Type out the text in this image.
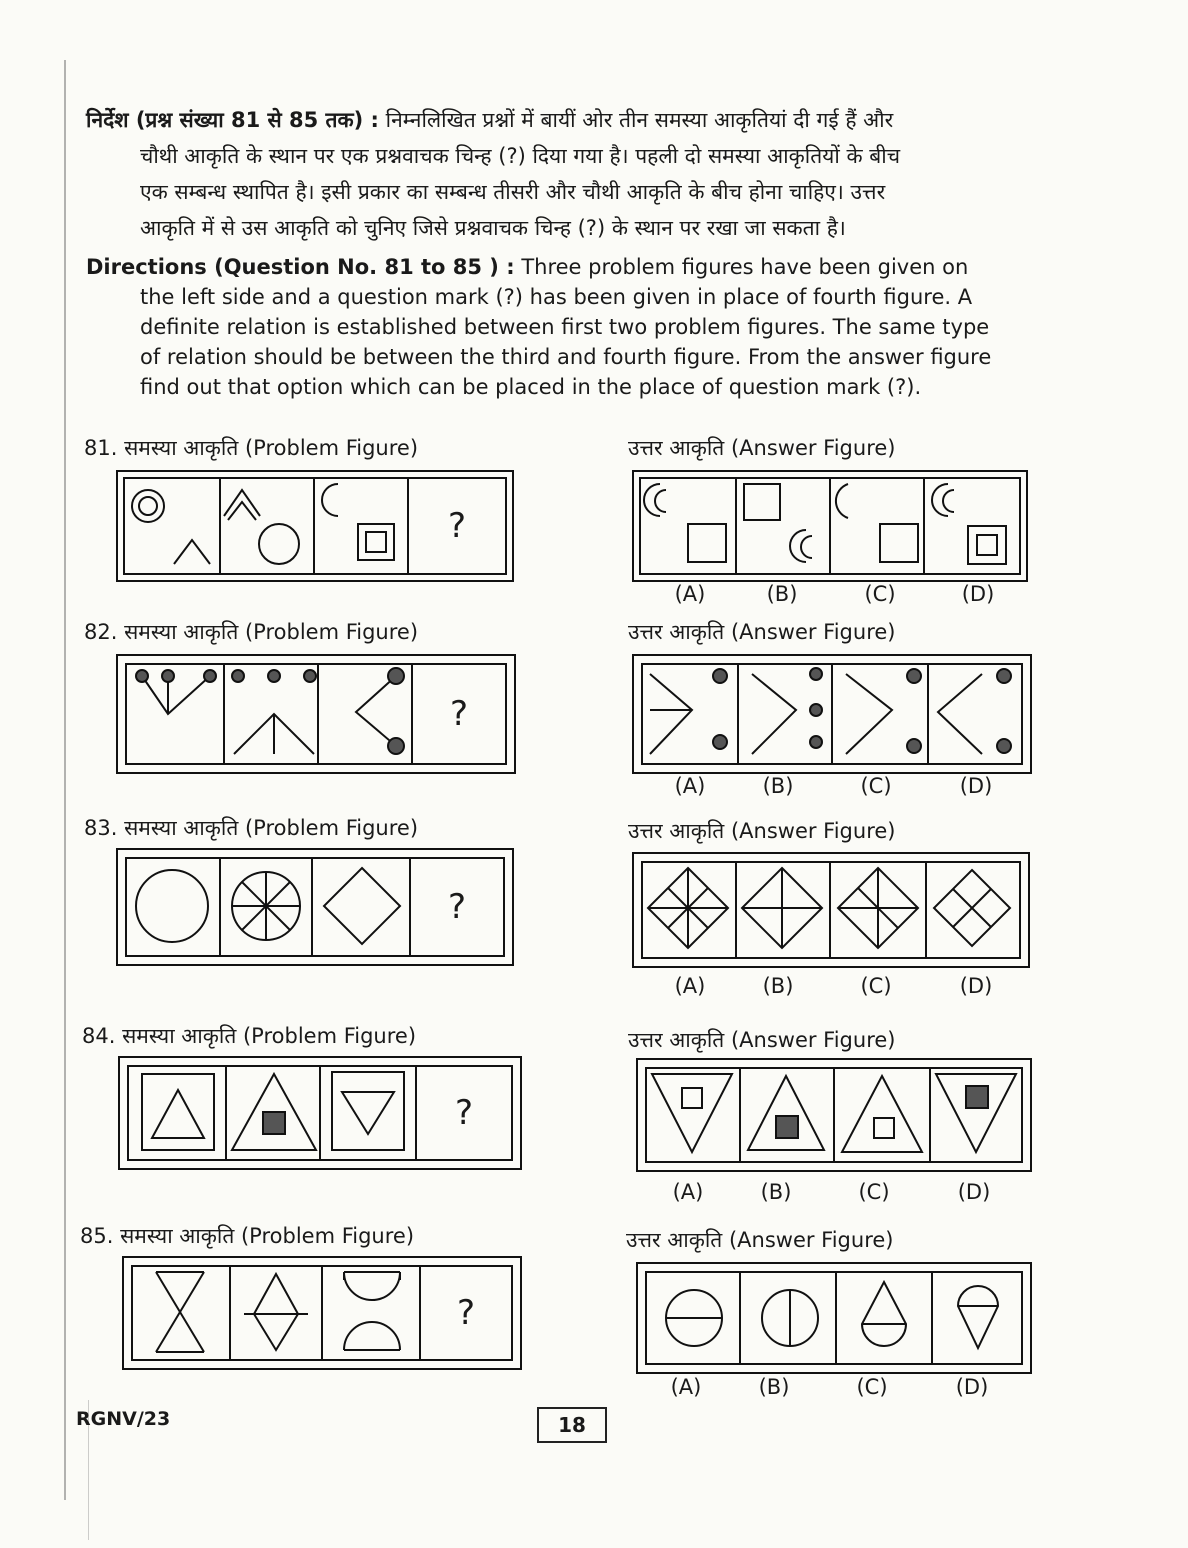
निर्देश (प्रश्न संख्या 81 से 85 तक) : निम्नलिखित प्रश्नों में बायीं ओर तीन समस्या आकृतियां दी गई हैं और

चौथी आकृति के स्थान पर एक प्रश्नवाचक चिन्ह (?) दिया गया है। पहली दो समस्या आकृतियों के बीच

एक सम्बन्ध स्थापित है। इसी प्रकार का सम्बन्ध तीसरी और चौथी आकृति के बीच होना चाहिए। उत्तर

आकृति में से उस आकृति को चुनिए जिसे प्रश्नवाचक चिन्ह (?) के स्थान पर रखा जा सकता है।

Directions (Question No. 81 to 85 ) : Three problem figures have been given on

the left side and a question mark (?) has been given in place of fourth figure. A

definite relation is established between first two problem figures. The same type

of relation should be between the third and fourth figure. From the answer figure

find out that option which can be placed in the place of question mark (?).

81. समस्या आकृति (Problem Figure)	उत्तर आकृति (Answer Figure)
?
(A)	(B)	(C)	(D)
82. समस्या आकृति (Problem Figure)	उत्तर आकृति (Answer Figure)
?
(A)	(B)	(C)	(D)
83. समस्या आकृति (Problem Figure)	उत्तर आकृति (Answer Figure)
?
(A)	(B)	(C)	(D)
84. समस्या आकृति (Problem Figure)	उत्तर आकृति (Answer Figure)
?
(A)	(B)	(C)	(D)
85. समस्या आकृति (Problem Figure)	उत्तर आकृति (Answer Figure)
?
(A)	(B)	(C)	(D)
RGNV/23	18
